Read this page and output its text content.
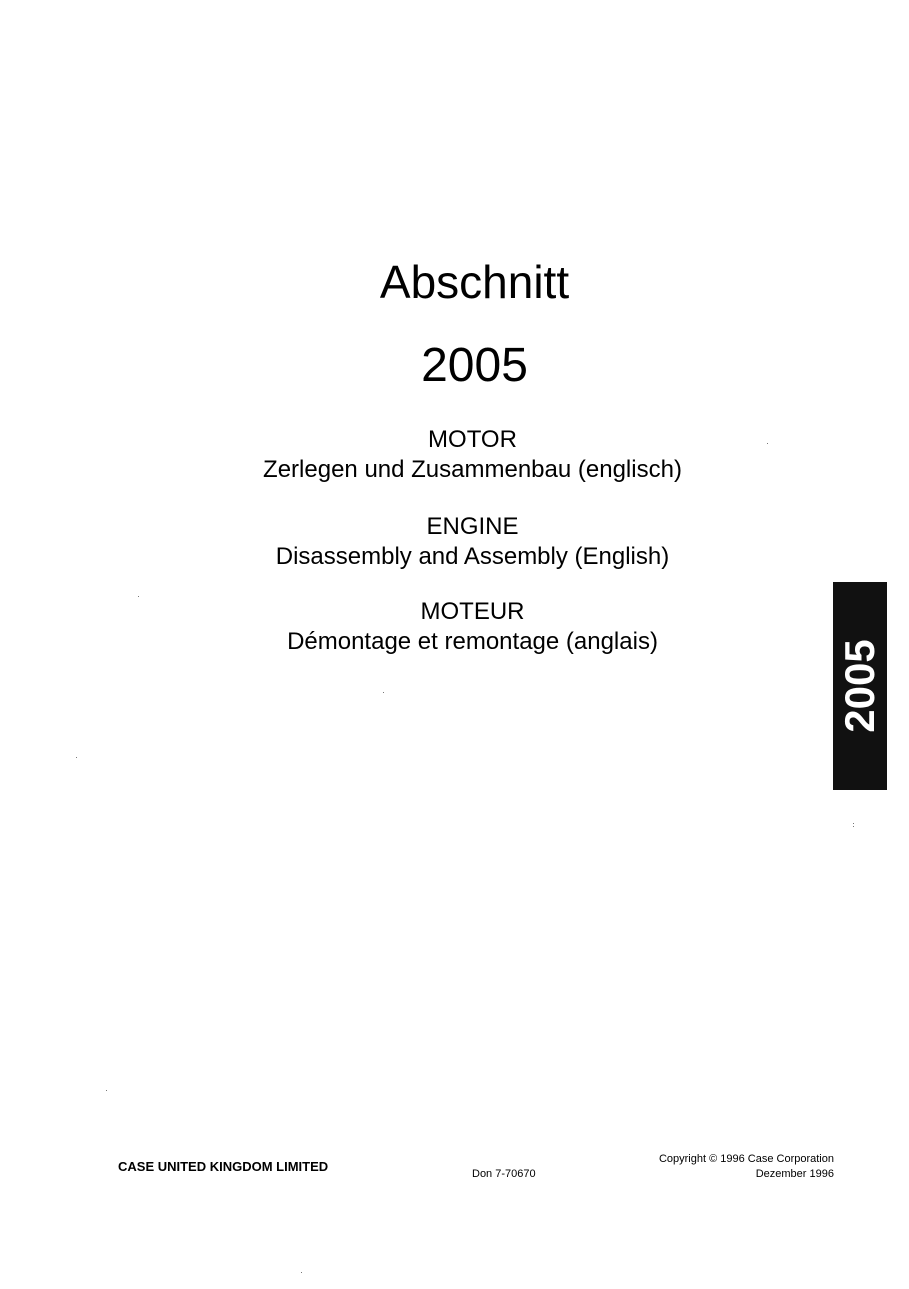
Abschnitt
2005
MOTOR
Zerlegen und Zusammenbau (englisch)
ENGINE
Disassembly and Assembly (English)
MOTEUR
Démontage et remontage (anglais)	2005
CASE UNITED KINGDOM LIMITED	Don 7-70670
Copyright © 1996 Case Corporation
Dezember 1996
